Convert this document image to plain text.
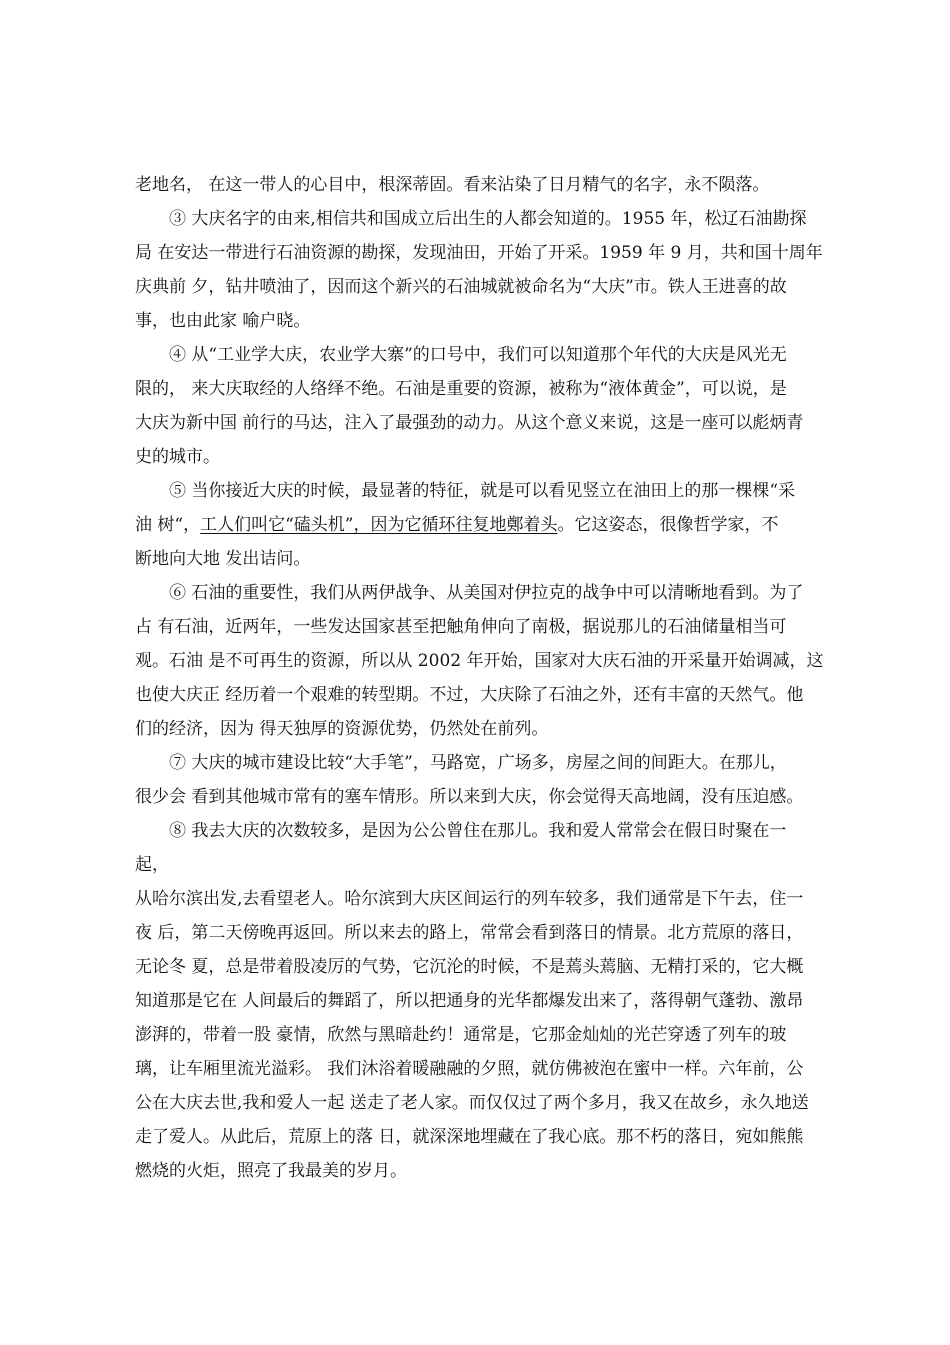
老地名， 在这一带人的心目中，根深蒂固。看来沾染了日月精气的名字，永不陨落。
③ 大庆名字的由来,相信共和国成立后出生的人都会知道的。1955 年，松辽石油勘探
局 在安达一带进行石油资源的勘探，发现油田，开始了开采。1959 年 9 月，共和国十周年
庆典前 夕，钻井喷油了，因而这个新兴的石油城就被命名为“大庆”市。铁人王进喜的故
事，也由此家 喻户晓。
④ 从“工业学大庆，农业学大寨”的口号中，我们可以知道那个年代的大庆是风光无
限的， 来大庆取经的人络绎不绝。石油是重要的资源，被称为“液体黄金”，可以说，是
大庆为新中国 前行的马达，注入了最强劲的动力。从这个意义来说，这是一座可以彪炳青
史的城市。
⑤ 当你接近大庆的时候，最显著的特征，就是可以看见竖立在油田上的那一棵棵“采
油 树“，工人们叫它“磕头机”，因为它循环往复地鄭着头。它这姿态，很像哲学家，不
断地向大地 发出诘问。
⑥ 石油的重要性，我们从两伊战争、从美国对伊拉克的战争中可以清晰地看到。为了
占 有石油，近两年，一些发达国家甚至把触角伸向了南极，据说那儿的石油储量相当可
观。石油 是不可再生的资源，所以从 2002 年开始，国家对大庆石油的开采量开始调减，这
也使大庆正 经历着一个艰难的转型期。不过，大庆除了石油之外，还有丰富的天然气。他
们的经济，因为 得天独厚的资源优势，仍然处在前列。
⑦ 大庆的城市建设比较“大手笔”，马路宽，广场多，房屋之间的间距大。在那儿，
很少会 看到其他城市常有的塞车情形。所以来到大庆，你会觉得天高地阔，没有压迫感。
⑧ 我去大庆的次数较多，是因为公公曾住在那儿。我和爱人常常会在假日时聚在一
起，
从哈尔滨出发,去看望老人。哈尔滨到大庆区间运行的列车较多，我们通常是下午去，住一
夜 后，第二天傍晚再返回。所以来去的路上，常常会看到落日的情景。北方荒原的落日，
无论冬 夏，总是带着股凌厉的气势，它沉沦的时候，不是蔫头蔫脑、无精打采的，它大概
知道那是它在 人间最后的舞蹈了，所以把通身的光华都爆发出来了，落得朝气蓬勃、激昂
澎湃的，带着一股 豪情，欣然与黑暗赴约！通常是，它那金灿灿的光芒穿透了列车的玻
璃，让车厢里流光溢彩。 我们沐浴着暖融融的夕照，就仿佛被泡在蜜中一样。六年前，公
公在大庆去世,我和爱人一起 送走了老人家。而仅仅过了两个多月，我又在故乡，永久地送
走了爱人。从此后，荒原上的落 日，就深深地埋藏在了我心底。那不朽的落日，宛如熊熊
燃烧的火炬，照亮了我最美的岁月。
